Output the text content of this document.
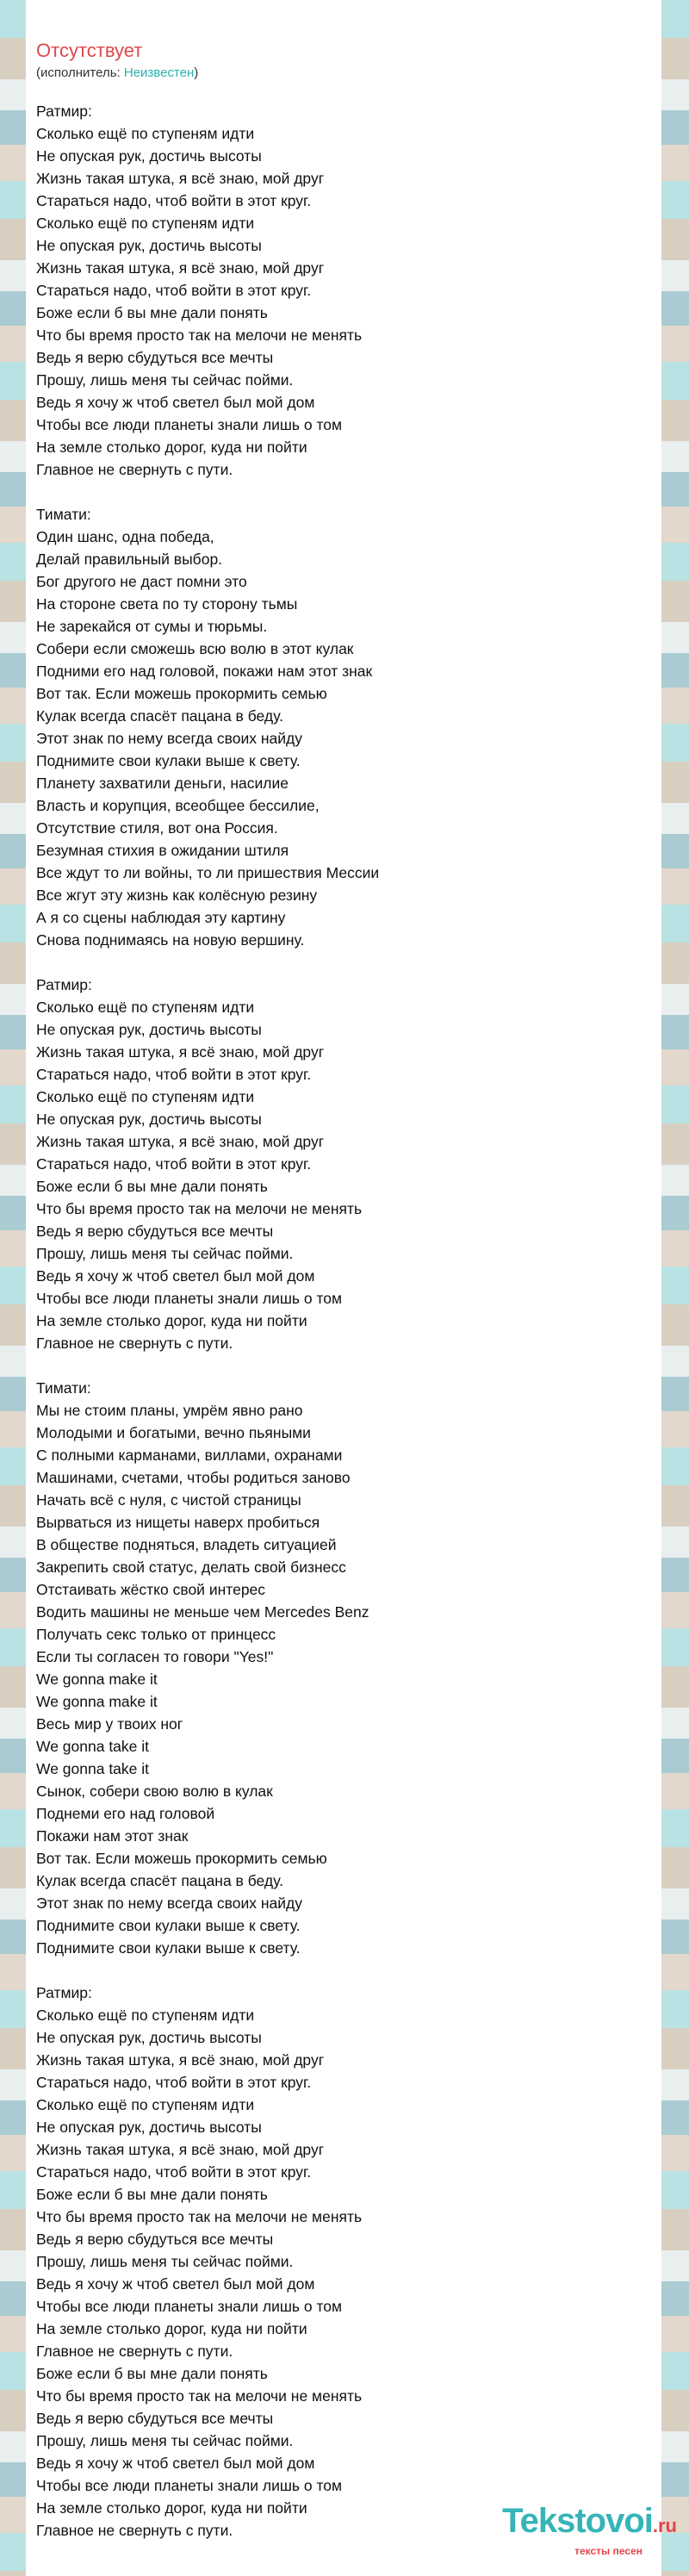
Отсутствует
(исполнитель: Неизвестен)
Ратмир:
Сколько ещё по ступеням идти
Не опуская рук, достичь высоты
Жизнь такая штука, я всё знаю, мой друг
Стараться надо, чтоб войти в этот круг.
Сколько ещё по ступеням идти
Не опуская рук, достичь высоты
Жизнь такая штука, я всё знаю, мой друг
Стараться надо, чтоб войти в этот круг.
Боже если б вы мне дали понять
Что бы время просто так на мелочи не менять
Ведь я верю сбудуться все мечты
Прошу, лишь меня ты сейчас пойми.
Ведь я хочу ж чтоб светел был мой дом
Чтобы все люди планеты знали лишь о том
На земле столько дорог, куда ни пойти
Главное не свернуть с пути.
Тимати:
Один шанс, одна победа,
Делай правильный выбор.
Бог другого не даст помни это
На стороне света по ту сторону тьмы
Не зарекайся от сумы и тюрьмы.
Собери если сможешь всю волю в этот кулак
Подними его над головой, покажи нам этот знак
Вот так. Если можешь прокормить семью
Кулак всегда спасёт пацана в беду.
Этот знак по нему всегда своих найду
Поднимите свои кулаки выше к свету.
Планету захватили деньги, насилие
Власть и корупция, всеобщее бессилие,
Отсутствие стиля, вот она Россия.
Безумная стихия в ожидании штиля
Все ждут то ли войны, то ли пришествия Мессии
Все жгут эту жизнь как колёсную резину
А я со сцены наблюдая эту картину
Снова поднимаясь на новую вершину.
Ратмир:
Сколько ещё по ступеням идти
Не опуская рук, достичь высоты
Жизнь такая штука, я всё знаю, мой друг
Стараться надо, чтоб войти в этот круг.
Сколько ещё по ступеням идти
Не опуская рук, достичь высоты
Жизнь такая штука, я всё знаю, мой друг
Стараться надо, чтоб войти в этот круг.
Боже если б вы мне дали понять
Что бы время просто так на мелочи не менять
Ведь я верю сбудуться все мечты
Прошу, лишь меня ты сейчас пойми.
Ведь я хочу ж чтоб светел был мой дом
Чтобы все люди планеты знали лишь о том
На земле столько дорог, куда ни пойти
Главное не свернуть с пути.
Тимати:
Мы не стоим планы, умрём явно рано
Молодыми и богатыми, вечно пьяными
С полными карманами, виллами, охранами
Машинами, счетами, чтобы родиться заново
Начать всё с нуля, с чистой страницы
Вырваться из нищеты наверх пробиться
В обществе подняться, владеть ситуацией
Закрепить свой статус, делать свой бизнесс
Отстаивать жёстко свой интерес
Водить машины не меньше чем Mercedes Benz
Получать секс только от принцесс
Если ты согласен то говори "Yes!"
We gonna make it
We gonna make it
Весь мир у твоих ног
We gonna take it
We gonna take it
Сынок, собери свою волю в кулак
Поднеми его над головой
Покажи нам этот знак
Вот так. Если можешь прокормить семью
Кулак всегда спасёт пацана в беду.
Этот знак по нему всегда своих найду
Поднимите свои кулаки выше к свету.
Поднимите свои кулаки выше к свету.
Ратмир:
Сколько ещё по ступеням идти
Не опуская рук, достичь высоты
Жизнь такая штука, я всё знаю, мой друг
Стараться надо, чтоб войти в этот круг.
Сколько ещё по ступеням идти
Не опуская рук, достичь высоты
Жизнь такая штука, я всё знаю, мой друг
Стараться надо, чтоб войти в этот круг.
Боже если б вы мне дали понять
Что бы время просто так на мелочи не менять
Ведь я верю сбудуться все мечты
Прошу, лишь меня ты сейчас пойми.
Ведь я хочу ж чтоб светел был мой дом
Чтобы все люди планеты знали лишь о том
На земле столько дорог, куда ни пойти
Главное не свернуть с пути.
Боже если б вы мне дали понять
Что бы время просто так на мелочи не менять
Ведь я верю сбудуться все мечты
Прошу, лишь меня ты сейчас пойми.
Ведь я хочу ж чтоб светел был мой дом
Чтобы все люди планеты знали лишь о том
На земле столько дорог, куда ни пойти
Главное не свернуть с пути.	Tekstovoi.ru
тексты песен
